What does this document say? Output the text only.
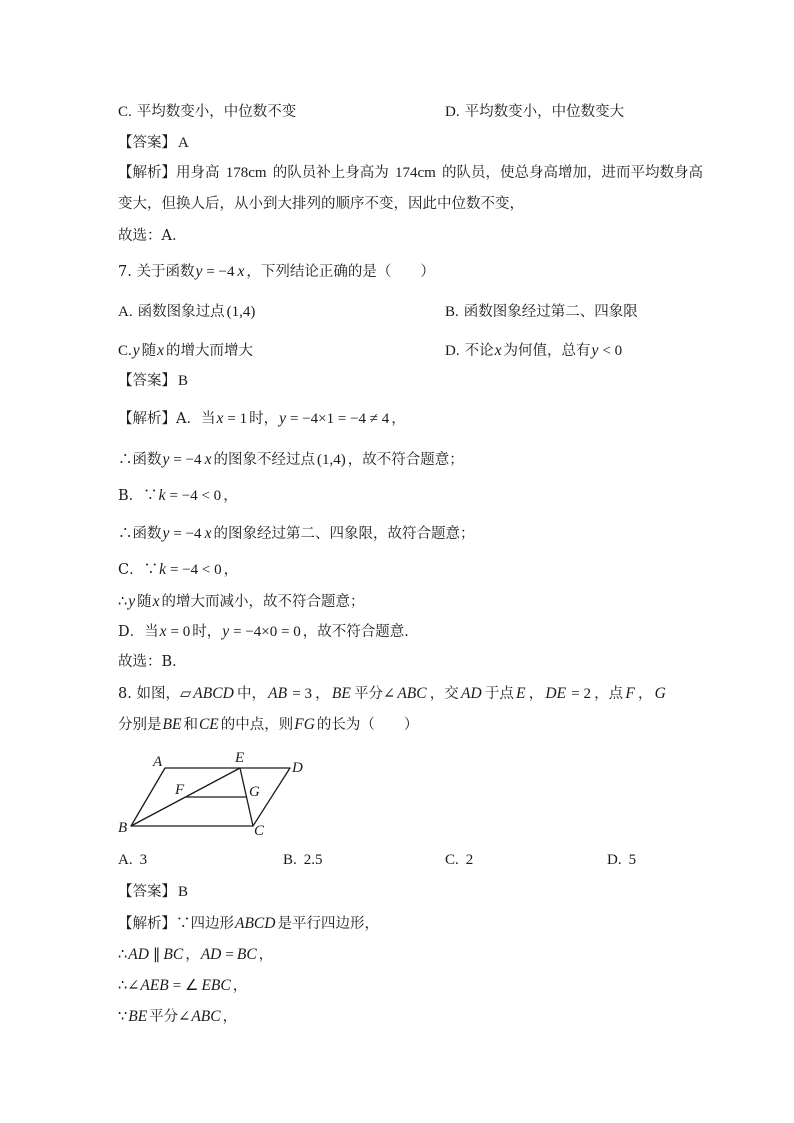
C. 平均数变小，中位数不变	D. 平均数变小，中位数变大
【答案】 A
【解析】用身高 178cm 的队员补上身高为 174cm 的队员，使总身高增加，进而平均数身高
变大，但换人后，从小到大排列的顺序不变，因此中位数不变，
故选：A．
7. 关于函数 y = −4 x ，下列结论正确的是（　　）
A. 函数图象过点 (1,4)	B. 函数图象经过第二、四象限
C. y 随 x 的增大而增大	D. 不论 x 为何值，总有 y < 0
【答案】 B
【解析】 A．当 x = 1 时， y = −4×1 = −4 ≠ 4 ，
∴函数 y = −4 x 的图象不经过点 (1,4) ，故不符合题意；
B．∵ k = −4 < 0 ，
∴函数 y = −4 x 的图象经过第二、四象限，故符合题意；
C．∵ k = −4 < 0 ，
∴ y 随 x 的增大而减小，故不符合题意；
D．当 x = 0 时， y = −4×0 = 0 ，故不符合题意．
故选：B．
8. 如图，▱ ABCD 中， AB = 3 ， BE 平分∠ ABC ，交 AD 于点 E ， DE = 2 ，点 F ， G
分别是 BE 和 CE 的中点，则 FG 的长为（　　）
A	E
D
F	G
B	C
A. 3	B. 2.5	C. 2	D. 5
【答案】 B
【解析】 ∵四边形 ABCD 是平行四边形，
∴ AD ∥ BC ， AD = BC ，
∴∠ AEB = ∠ EBC ，
∵ BE 平分∠ ABC ，
